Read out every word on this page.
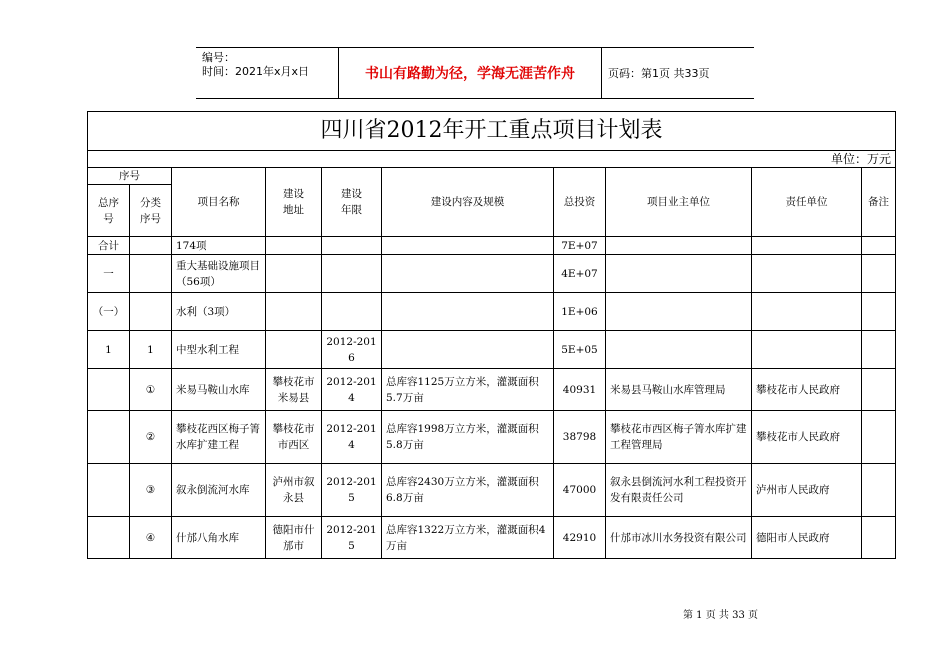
编号：
时间：2021年x月x日	书山有路勤为径，学海无涯苦作舟	页码：第1页 共33页
四川省2012年开工重点项目计划表									
单位：万元									
序号		项目名称	建设地址	建设年限	建设内容及规模	总投资	项目业主单位	责任单位	备注

总序号	分类序号								

合计		174项				7E+07			
一		重大基础设施项目（56项）				4E+07			
（一）		水利（3项）				1E+06			
1	1	中型水利工程		2012-2016		5E+05			
	①	米易马鞍山水库	攀枝花市米易县	2012-2014	总库容1125万立方米，灌溉面积5.7万亩	40931	米易县马鞍山水库管理局	攀枝花市人民政府	
	②	攀枝花西区梅子箐水库扩建工程	攀枝花市市西区	2012-2014	总库容1998万立方米，灌溉面积5.8万亩	38798	攀枝花市西区梅子箐水库扩建工程管理局	攀枝花市人民政府	
	③	叙永倒流河水库	泸州市叙永县	2012-2015	总库容2430万立方米，灌溉面积6.8万亩	47000	叙永县倒流河水利工程投资开发有限责任公司	泸州市人民政府	
	④	什邡八角水库	德阳市什邡市	2012-2015	总库容1322万立方米，灌溉面积4万亩	42910	什邡市冰川水务投资有限公司	德阳市人民政府	
第 1 页 共 33 页
